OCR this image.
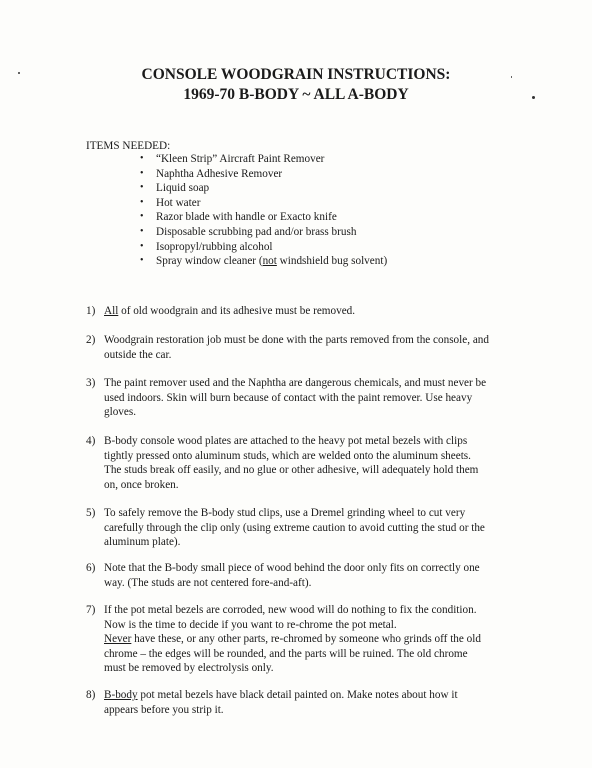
CONSOLE WOODGRAIN INSTRUCTIONS:
1969-70 B-BODY ~ ALL A-BODY
ITEMS NEEDED:
• “Kleen Strip” Aircraft Paint Remover
• Naphtha Adhesive Remover
• Liquid soap
• Hot water
• Razor blade with handle or Exacto knife
• Disposable scrubbing pad and/or brass brush
• Isopropyl/rubbing alcohol
• Spray window cleaner (not windshield bug solvent)
1) All of old woodgrain and its adhesive must be removed.
2) Woodgrain restoration job must be done with the parts removed from the console, and
outside the car.
3) The paint remover used and the Naphtha are dangerous chemicals, and must never be
used indoors. Skin will burn because of contact with the paint remover. Use heavy
gloves.
4) B-body console wood plates are attached to the heavy pot metal bezels with clips
tightly pressed onto aluminum studs, which are welded onto the aluminum sheets.
The studs break off easily, and no glue or other adhesive, will adequately hold them
on, once broken.
5) To safely remove the B-body stud clips, use a Dremel grinding wheel to cut very
carefully through the clip only (using extreme caution to avoid cutting the stud or the
aluminum plate).
6) Note that the B-body small piece of wood behind the door only fits on correctly one
way. (The studs are not centered fore-and-aft).
7) If the pot metal bezels are corroded, new wood will do nothing to fix the condition.
Now is the time to decide if you want to re-chrome the pot metal.
Never have these, or any other parts, re-chromed by someone who grinds off the old
chrome – the edges will be rounded, and the parts will be ruined. The old chrome
must be removed by electrolysis only.
8) B-body pot metal bezels have black detail painted on. Make notes about how it
appears before you strip it.
